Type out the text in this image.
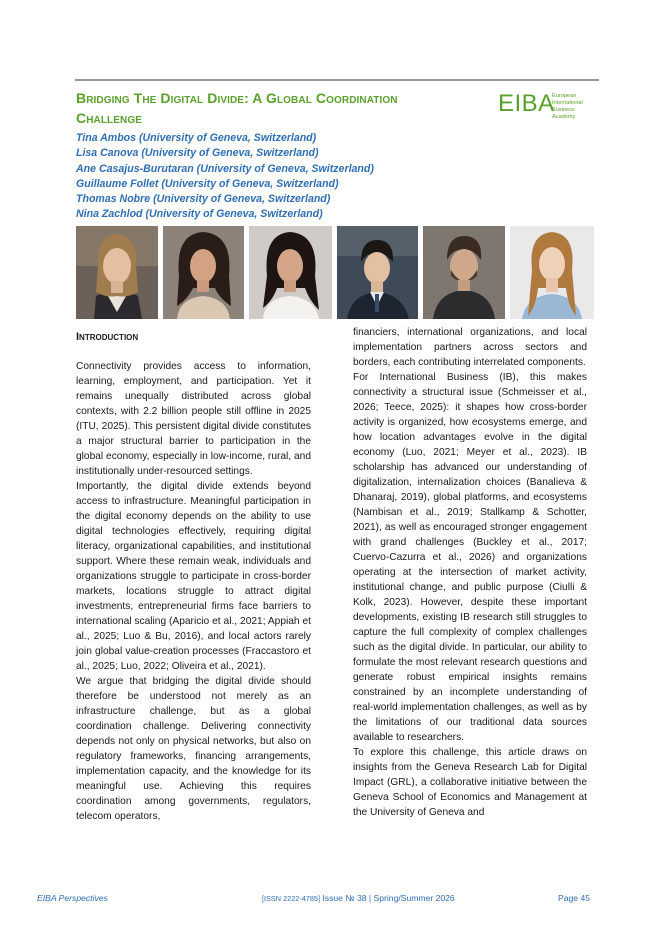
Bridging The Digital Divide: A Global Coordination
Challenge
EIBA
European
International
Business
Academy
Tina Ambos (University of Geneva, Switzerland)
Lisa Canova (University of Geneva, Switzerland)
Ane Casajus-Burutaran (University of Geneva, Switzerland)
Guillaume Follet (University of Geneva, Switzerland)
Thomas Nobre (University of Geneva, Switzerland)
Nina Zachlod (University of Geneva, Switzerland)
Introduction

Connectivity provides access to information, learning, employment, and participation. Yet it remains unequally distributed across global contexts, with 2.2 billion people still offline in 2025 (ITU, 2025). This persistent digital divide constitutes a major structural barrier to participation in the global economy, especially in low-income, rural, and institutionally under-resourced settings.

Importantly, the digital divide extends beyond access to infrastructure. Meaningful participation in the digital economy depends on the ability to use digital technologies effectively, requiring digital literacy, organizational capabilities, and institutional support. Where these remain weak, individuals and organizations struggle to participate in cross-border markets, locations struggle to attract digital investments, entrepreneurial firms face barriers to international scaling (Aparicio et al., 2021; Appiah et al., 2025; Luo & Bu, 2016), and local actors rarely join global value-creation processes (Fraccastoro et al., 2025; Luo, 2022; Oliveira et al., 2021).

We argue that bridging the digital divide should therefore be understood not merely as an infrastructure challenge, but as a global coordination challenge. Delivering connectivity depends not only on physical networks, but also on regulatory frameworks, financing arrangements, implementation capacity, and the knowledge for its meaningful use. Achieving this requires coordination among governments, regulators, telecom operators,

financiers, international organizations, and local implementation partners across sectors and borders, each contributing interrelated components.

For International Business (IB), this makes connectivity a structural issue (Schmeisser et al., 2026; Teece, 2025): it shapes how cross-border activity is organized, how ecosystems emerge, and how location advantages evolve in the digital economy (Luo, 2021; Meyer et al., 2023). IB scholarship has advanced our understanding of digitalization, internalization choices (Banalieva & Dhanaraj, 2019), global platforms, and ecosystems (Nambisan et al., 2019; Stallkamp & Schotter, 2021), as well as encouraged stronger engagement with grand challenges (Buckley et al., 2017; Cuervo-Cazurra et al., 2026) and organizations operating at the intersection of market activity, institutional change, and public purpose (Ciulli & Kolk, 2023). However, despite these important developments, existing IB research still struggles to capture the full complexity of complex challenges such as the digital divide. In particular, our ability to formulate the most relevant research questions and generate robust empirical insights remains constrained by an incomplete understanding of real-world implementation challenges, as well as by the limitations of our traditional data sources available to researchers.

To explore this challenge, this article draws on insights from the Geneva Research Lab for Digital Impact (GRL), a collaborative initiative between the Geneva School of Economics and Management at the University of Geneva and

EIBA Perspectives	[ISSN 2222-4785] Issue № 38 | Spring/Summer 2026	Page 45
